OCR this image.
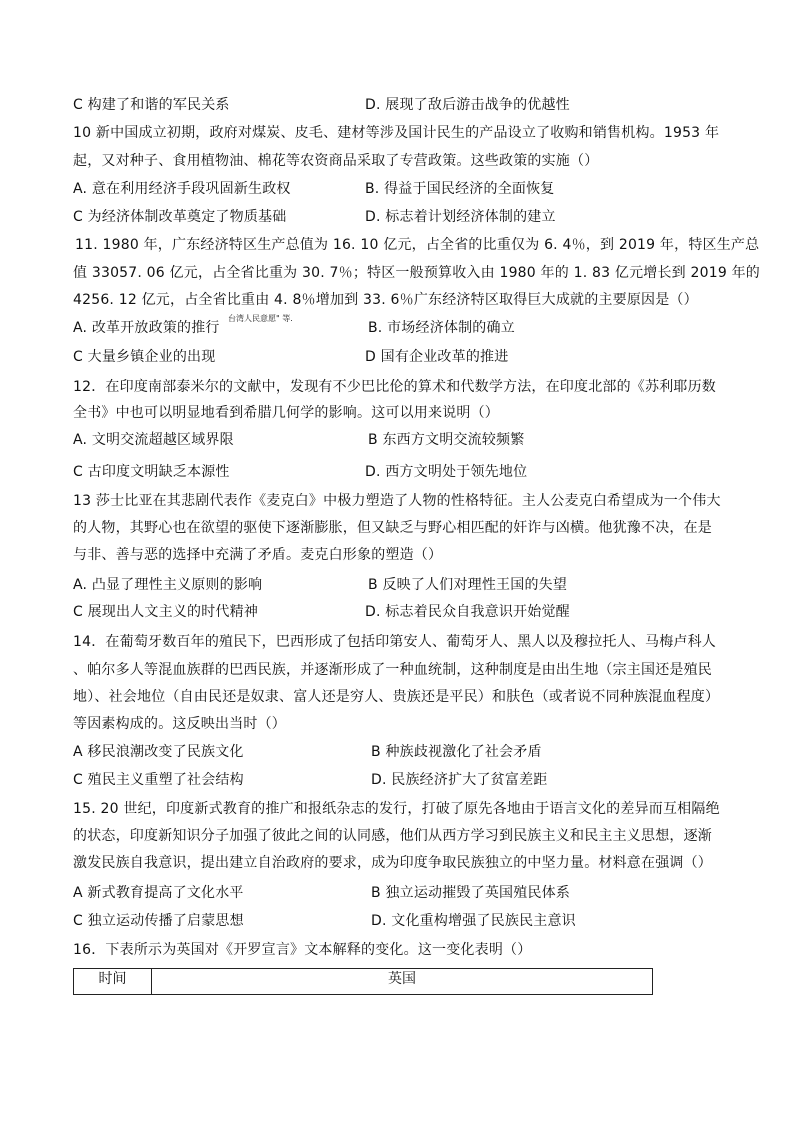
C 构建了和谐的军民关系	D. 展现了敌后游击战争的优越性
10 新中国成立初期，政府对煤炭、皮毛、建材等涉及国计民生的产品设立了收购和销售机构。1953 年
起，又对种子、食用植物油、棉花等农资商品采取了专营政策。这些政策的实施（）
A. 意在利用经济手段巩固新生政权	B. 得益于国民经济的全面恢复
C 为经济体制改革奠定了物质基础	D. 标志着计划经济体制的建立
11. 1980 年，广东经济特区生产总值为 16. 10 亿元，占全省的比重仅为 6. 4％，到 2019 年，特区生产总
值 33057. 06 亿元，占全省比重为 30. 7％；特区一般预算收入由 1980 年的 1. 83 亿元增长到 2019 年的
4256. 12 亿元，占全省比重由 4. 8％增加到 33. 6％广东经济特区取得巨大成就的主要原因是（）
A. 改革开放政策的推行
台湾人民意愿" 等.
B. 市场经济体制的确立
C 大量乡镇企业的出现	D 国有企业改革的推进
12．在印度南部泰米尔的文献中，发现有不少巴比伦的算术和代数学方法，在印度北部的《苏利耶历数
全书》中也可以明显地看到希腊几何学的影响。这可以用来说明（）
A. 文明交流超越区域界限	B 东西方文明交流较频繁
C 古印度文明缺乏本源性	D. 西方文明处于领先地位
13 莎士比亚在其悲剧代表作《麦克白》中极力塑造了人物的性格特征。主人公麦克白希望成为一个伟大
的人物，其野心也在欲望的驱使下逐渐膨胀，但又缺乏与野心相匹配的奸诈与凶横。他犹豫不决，在是
与非、善与恶的选择中充满了矛盾。麦克白形象的塑造（）
A. 凸显了理性主义原则的影响	B 反映了人们对理性王国的失望
C 展现出人文主义的时代精神	D. 标志着民众自我意识开始觉醒
14．在葡萄牙数百年的殖民下，巴西形成了包括印第安人、葡萄牙人、黑人以及穆拉托人、马梅卢科人
、帕尔多人等混血族群的巴西民族，并逐渐形成了一种血统制，这种制度是由出生地（宗主国还是殖民
地）、社会地位（自由民还是奴隶、富人还是穷人、贵族还是平民）和肤色（或者说不同种族混血程度）
等因素构成的。这反映出当时（）
A 移民浪潮改变了民族文化	B 种族歧视激化了社会矛盾
C 殖民主义重塑了社会结构	D. 民族经济扩大了贫富差距
15. 20 世纪，印度新式教育的推广和报纸杂志的发行，打破了原先各地由于语言文化的差异而互相隔绝
的状态，印度新知识分子加强了彼此之间的认同感，他们从西方学习到民族主义和民主主义思想，逐渐
激发民族自我意识，提出建立自治政府的要求，成为印度争取民族独立的中坚力量。材料意在强调（）
A 新式教育提高了文化水平	B 独立运动摧毁了英国殖民体系
C 独立运动传播了启蒙思想	D. 文化重构增强了民族民主意识
16．下表所示为英国对《开罗宣言》文本解释的变化。这一变化表明（）
时间	英国
